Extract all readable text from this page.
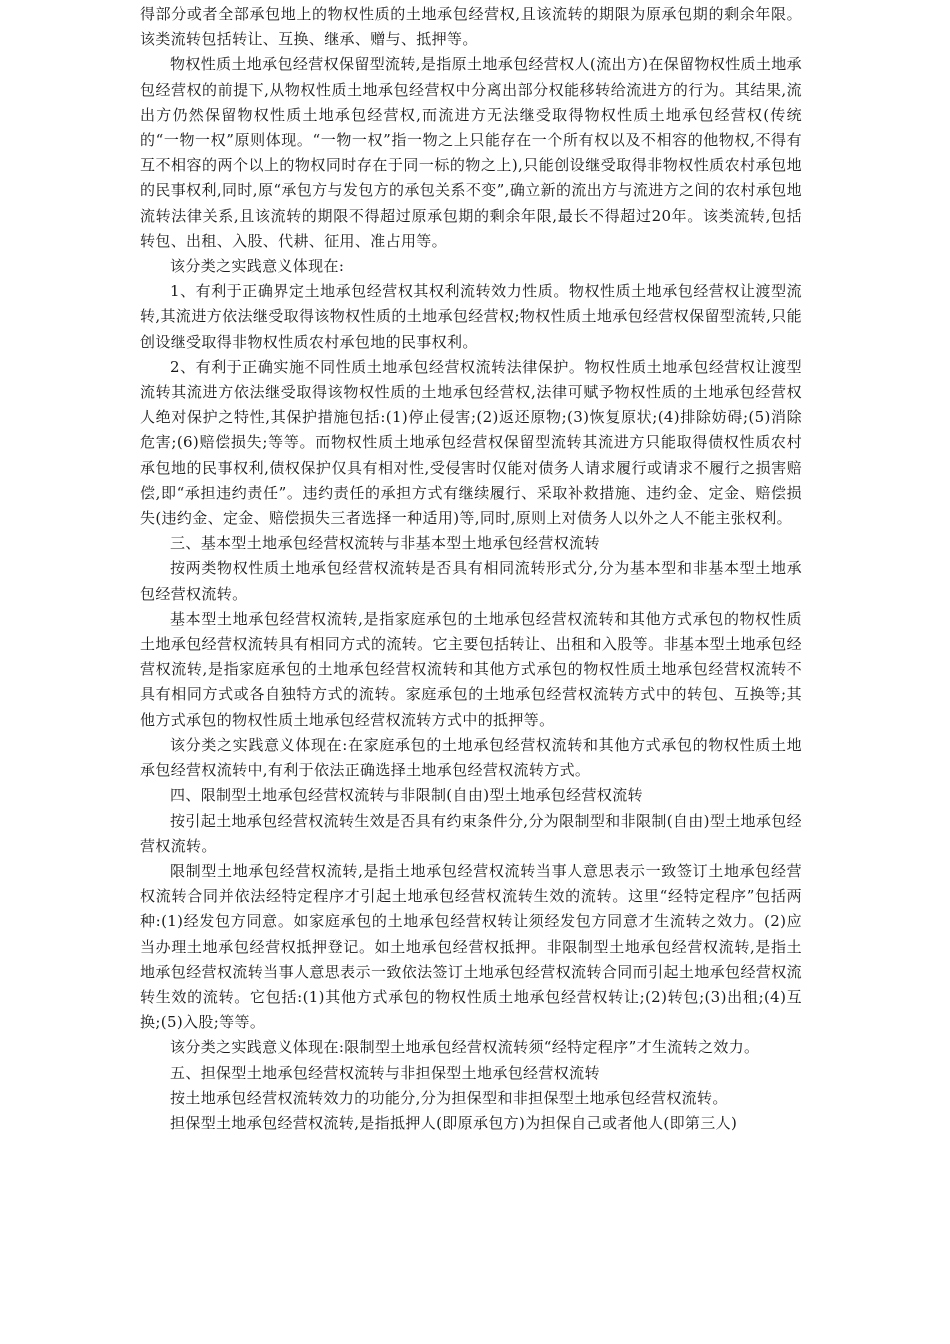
得部分或者全部承包地上的物权性质的土地承包经营权,且该流转的期限为原承包期的剩余年限。该类流转包括转让、互换、继承、赠与、抵押等。

物权性质土地承包经营权保留型流转,是指原土地承包经营权人(流出方)在保留物权性质土地承包经营权的前提下,从物权性质土地承包经营权中分离出部分权能移转给流进方的行为。其结果,流出方仍然保留物权性质土地承包经营权,而流进方无法继受取得物权性质土地承包经营权(传统的“一物一权”原则体现。“一物一权”指一物之上只能存在一个所有权以及不相容的他物权,不得有互不相容的两个以上的物权同时存在于同一标的物之上),只能创设继受取得非物权性质农村承包地的民事权利,同时,原“承包方与发包方的承包关系不变”,确立新的流出方与流进方之间的农村承包地流转法律关系,且该流转的期限不得超过原承包期的剩余年限,最长不得超过20年。该类流转,包括转包、出租、入股、代耕、征用、准占用等。

该分类之实践意义体现在:

1、有利于正确界定土地承包经营权其权利流转效力性质。物权性质土地承包经营权让渡型流转,其流进方依法继受取得该物权性质的土地承包经营权;物权性质土地承包经营权保留型流转,只能创设继受取得非物权性质农村承包地的民事权利。

2、有利于正确实施不同性质土地承包经营权流转法律保护。物权性质土地承包经营权让渡型流转其流进方依法继受取得该物权性质的土地承包经营权,法律可赋予物权性质的土地承包经营权人绝对保护之特性,其保护措施包括:(1)停止侵害;(2)返还原物;(3)恢复原状;(4)排除妨碍;(5)消除危害;(6)赔偿损失;等等。而物权性质土地承包经营权保留型流转其流进方只能取得债权性质农村承包地的民事权利,债权保护仅具有相对性,受侵害时仅能对债务人请求履行或请求不履行之损害赔偿,即“承担违约责任”。违约责任的承担方式有继续履行、采取补救措施、违约金、定金、赔偿损失(违约金、定金、赔偿损失三者选择一种适用)等,同时,原则上对债务人以外之人不能主张权利。

三、基本型土地承包经营权流转与非基本型土地承包经营权流转

按两类物权性质土地承包经营权流转是否具有相同流转形式分,分为基本型和非基本型土地承包经营权流转。

基本型土地承包经营权流转,是指家庭承包的土地承包经营权流转和其他方式承包的物权性质土地承包经营权流转具有相同方式的流转。它主要包括转让、出租和入股等。非基本型土地承包经营权流转,是指家庭承包的土地承包经营权流转和其他方式承包的物权性质土地承包经营权流转不具有相同方式或各自独特方式的流转。家庭承包的土地承包经营权流转方式中的转包、互换等;其他方式承包的物权性质土地承包经营权流转方式中的抵押等。

该分类之实践意义体现在:在家庭承包的土地承包经营权流转和其他方式承包的物权性质土地承包经营权流转中,有利于依法正确选择土地承包经营权流转方式。

四、限制型土地承包经营权流转与非限制(自由)型土地承包经营权流转

按引起土地承包经营权流转生效是否具有约束条件分,分为限制型和非限制(自由)型土地承包经营权流转。

限制型土地承包经营权流转,是指土地承包经营权流转当事人意思表示一致签订土地承包经营权流转合同并依法经特定程序才引起土地承包经营权流转生效的流转。这里“经特定程序”包括两种:(1)经发包方同意。如家庭承包的土地承包经营权转让须经发包方同意才生流转之效力。(2)应当办理土地承包经营权抵押登记。如土地承包经营权抵押。非限制型土地承包经营权流转,是指土地承包经营权流转当事人意思表示一致依法签订土地承包经营权流转合同而引起土地承包经营权流转生效的流转。它包括:(1)其他方式承包的物权性质土地承包经营权转让;(2)转包;(3)出租;(4)互换;(5)入股;等等。

该分类之实践意义体现在:限制型土地承包经营权流转须“经特定程序”才生流转之效力。

五、担保型土地承包经营权流转与非担保型土地承包经营权流转

按土地承包经营权流转效力的功能分,分为担保型和非担保型土地承包经营权流转。

担保型土地承包经营权流转,是指抵押人(即原承包方)为担保自己或者他人(即第三人)
